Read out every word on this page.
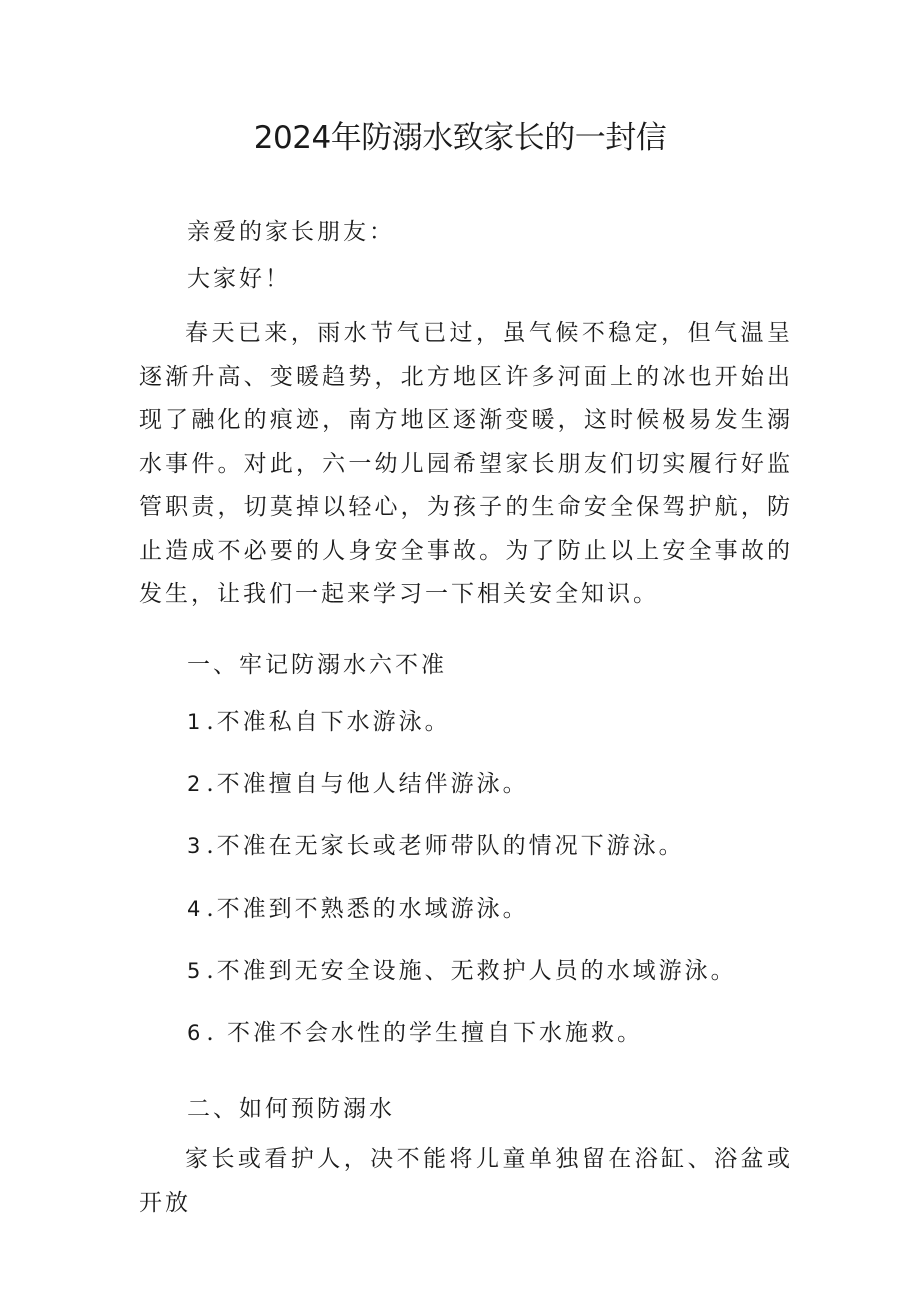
2024年防溺水致家长的一封信

亲爱的家长朋友：

大家好！

春天已来，雨水节气已过，虽气候不稳定，但气温呈逐渐升高、变暖趋势，北方地区许多河面上的冰也开始出现了融化的痕迹，南方地区逐渐变暖，这时候极易发生溺水事件。对此，六一幼儿园希望家长朋友们切实履行好监管职责，切莫掉以轻心，为孩子的生命安全保驾护航，防止造成不必要的人身安全事故。为了防止以上安全事故的发生，让我们一起来学习一下相关安全知识。

一、牢记防溺水六不准

1 .不准私自下水游泳。

2 .不准擅自与他人结伴游泳。

3 .不准在无家长或老师带队的情况下游泳。

4 .不准到不熟悉的水域游泳。

5 .不准到无安全设施、无救护人员的水域游泳。

6 . 不准不会水性的学生擅自下水施救。

二、如何预防溺水

家长或看护人，决不能将儿童单独留在浴缸、浴盆或开放
